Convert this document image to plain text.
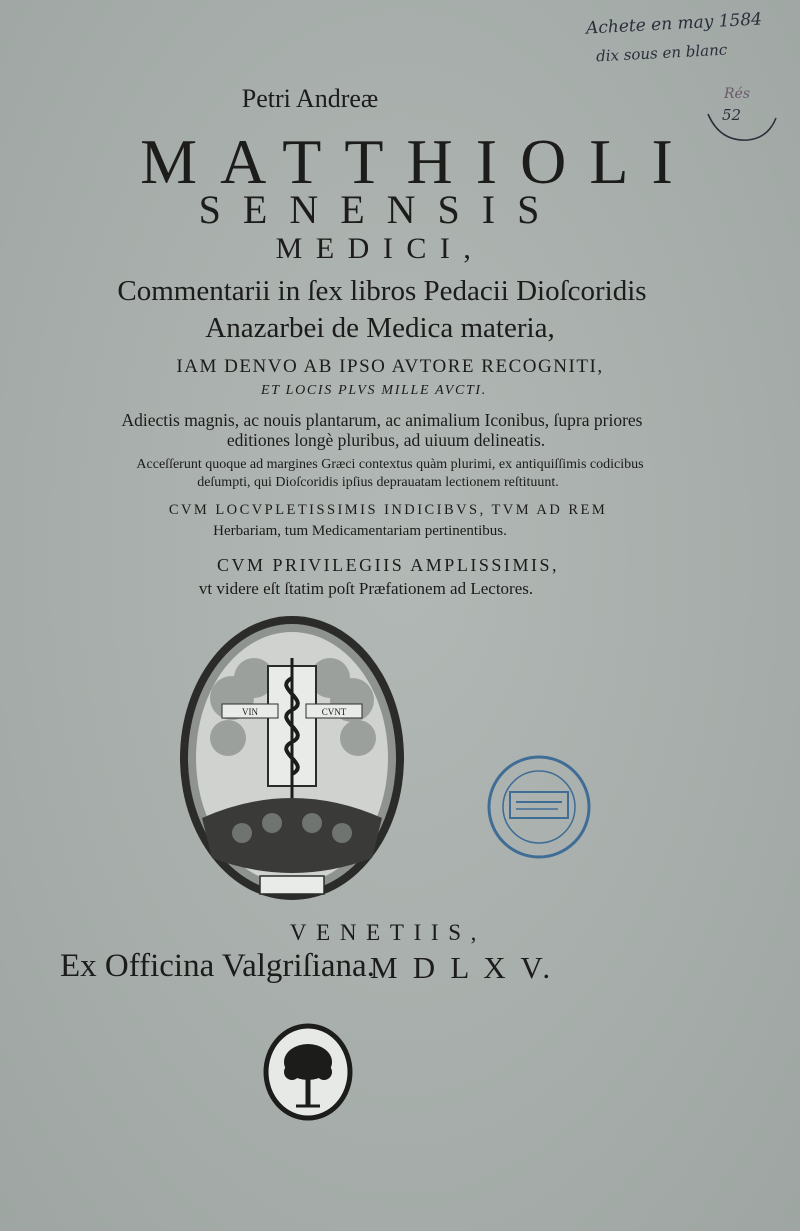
Achete en may 1584
dix sous en blanc
Rés
52
Petri Andreæ
MATTHIOLI
SENENSIS
MEDICI,
Commentarii in ſex libros Pedacii Dioſcoridis
Anazarbei de Medica materia,
IAM DENVO AB IPSO AVTORE RECOGNITI,
ET LOCIS PLVS MILLE AVCTI.
Adiectis magnis, ac nouis plantarum, ac animalium Iconibus, ſupra priores
editiones longè pluribus, ad uiuum delineatis.
Acceſſerunt quoque ad margines Græci contextus quàm plurimi, ex antiquiſſimis codicibus
deſumpti, qui Dioſcoridis ipſius deprauatam lectionem reſtituunt.
CVM LOCVPLETISSIMIS INDICIBVS, TVM AD REM
Herbariam, tum Medicamentariam pertinentibus.
CVM PRIVILEGIIS AMPLISSIMIS,
vt videre eſt ſtatim poſt Præfationem ad Lectores.
VIN	CVNT
VENETIIS,
Ex Officina Valgriſiana.
M D L X V.
